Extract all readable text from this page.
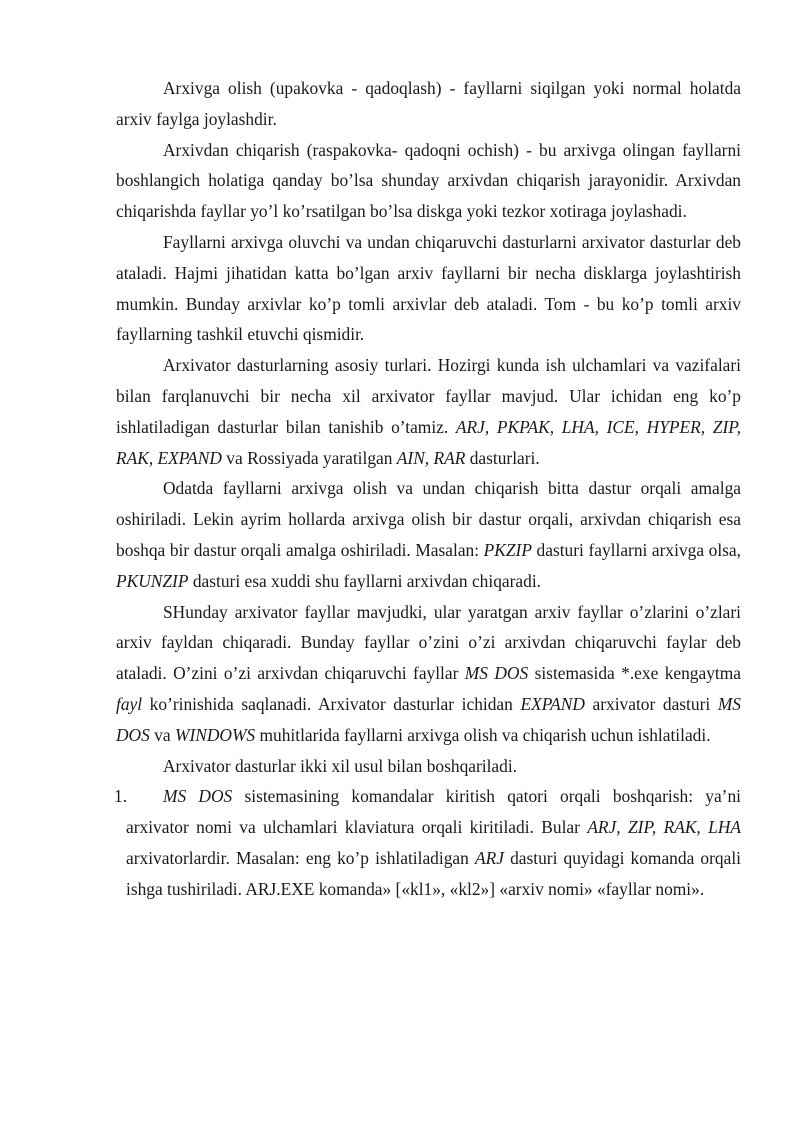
Arxivga olish (upakovka - qadoqlash) - fayllarni siqilgan yoki normal holatda arxiv faylga joylashdir.

Arxivdan chiqarish (raspakovka- qadoqni ochish) - bu arxivga olingan fayllarni boshlangich holatiga qanday bo’lsa shunday arxivdan chiqarish jarayonidir. Arxivdan chiqarishda fayllar yo’l ko’rsatilgan bo’lsa diskga yoki tezkor xotiraga joylashadi.

Fayllarni arxivga oluvchi va undan chiqaruvchi dasturlarni arxivator dasturlar deb ataladi. Hajmi jihatidan katta bo’lgan arxiv fayllarni bir necha disklarga joylashtirish mumkin. Bunday arxivlar ko’p tomli arxivlar deb ataladi. Tom - bu ko’p tomli arxiv fayllarning tashkil etuvchi qismidir.

Arxivator dasturlarning asosiy turlari. Hozirgi kunda ish ulchamlari va vazifalari bilan farqlanuvchi bir necha xil arxivator fayllar mavjud. Ular ichidan eng ko’p ishlatiladigan dasturlar bilan tanishib o’tamiz. ARJ, PKPAK, LHA, ICE, HYPER, ZIP, RAK, EXPAND va Rossiyada yaratilgan AIN, RAR dasturlari.

Odatda fayllarni arxivga olish va undan chiqarish bitta dastur orqali amalga oshiriladi. Lekin ayrim hollarda arxivga olish bir dastur orqali, arxivdan chiqarish esa boshqa bir dastur orqali amalga oshiriladi. Masalan: PKZIP dasturi fayllarni arxivga olsa, PKUNZIP dasturi esa xuddi shu fayllarni arxivdan chiqaradi.

SHunday arxivator fayllar mavjudki, ular yaratgan arxiv fayllar o’zlarini o’zlari arxiv fayldan chiqaradi. Bunday fayllar o’zini o’zi arxivdan chiqaruvchi faylar deb ataladi. O’zini o’zi arxivdan chiqaruvchi fayllar MS DOS sistemasida *.exe kengaytma fayl ko’rinishida saqlanadi. Arxivator dasturlar ichidan EXPAND arxivator dasturi MS DOS va WINDOWS muhitlarida fayllarni arxivga olish va chiqarish uchun ishlatiladi.

Arxivator dasturlar ikki xil usul bilan boshqariladi.

1.	MS DOS sistemasining komandalar kiritish qatori orqali boshqarish: ya’ni arxivator nomi va ulchamlari klaviatura orqali kiritiladi. Bular ARJ, ZIP, RAK, LHA arxivatorlardir. Masalan: eng ko’p ishlatiladigan ARJ dasturi quyidagi komanda orqali ishga tushiriladi. ARJ.EXE komanda» [«kl1», «kl2»] «arxiv nomi» «fayllar nomi».
